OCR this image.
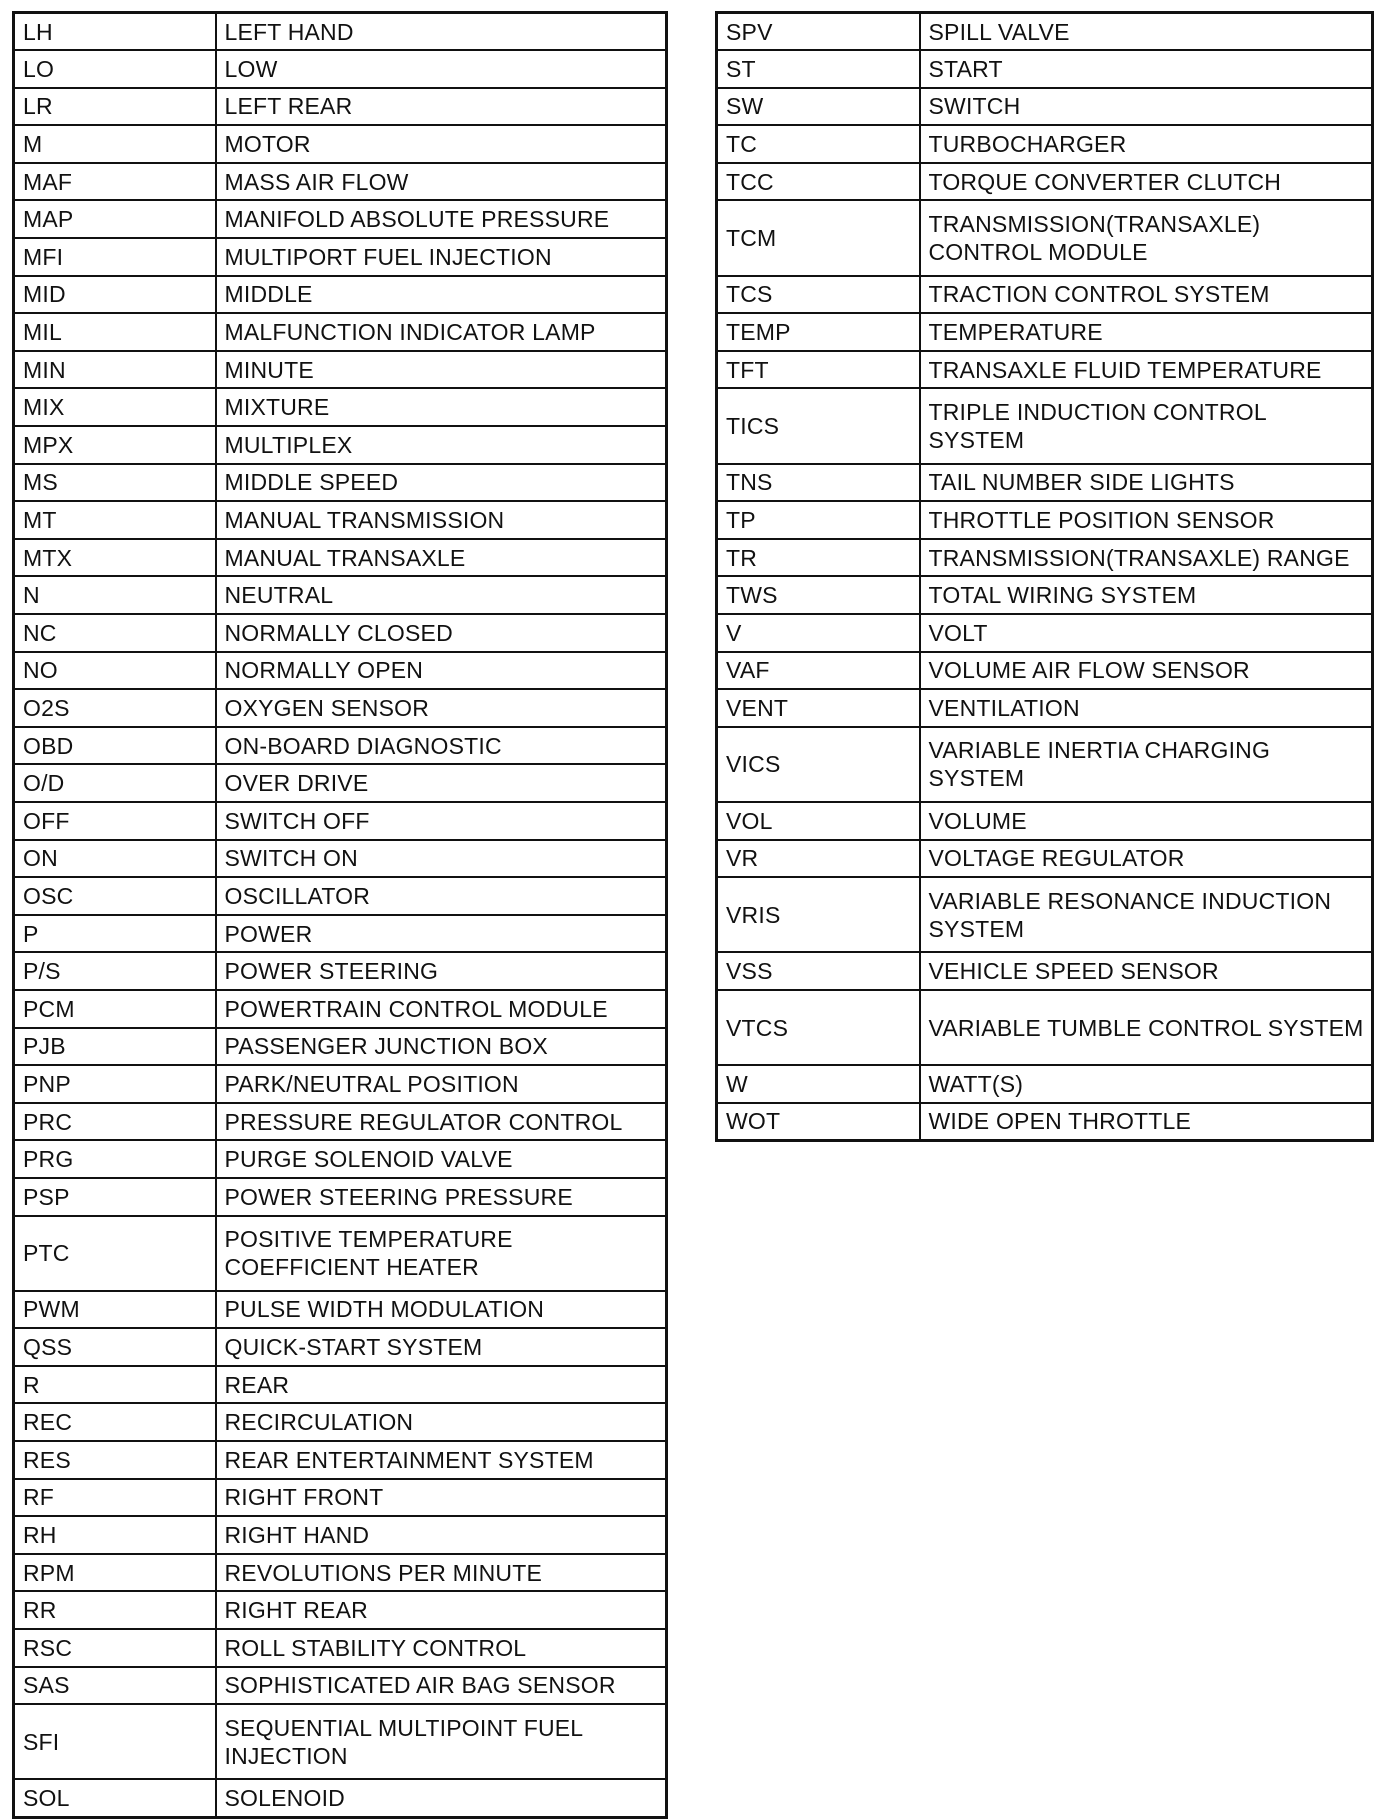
LH	LEFT HAND
LO	LOW
LR	LEFT REAR
M	MOTOR
MAF	MASS AIR FLOW
MAP	MANIFOLD ABSOLUTE PRESSURE
MFI	MULTIPORT FUEL INJECTION
MID	MIDDLE
MIL	MALFUNCTION INDICATOR LAMP
MIN	MINUTE
MIX	MIXTURE
MPX	MULTIPLEX
MS	MIDDLE SPEED
MT	MANUAL TRANSMISSION
MTX	MANUAL TRANSAXLE
N	NEUTRAL
NC	NORMALLY CLOSED
NO	NORMALLY OPEN
O2S	OXYGEN SENSOR
OBD	ON-BOARD DIAGNOSTIC
O/D	OVER DRIVE
OFF	SWITCH OFF
ON	SWITCH ON
OSC	OSCILLATOR
P	POWER
P/S	POWER STEERING
PCM	POWERTRAIN CONTROL MODULE
PJB	PASSENGER JUNCTION BOX
PNP	PARK/NEUTRAL POSITION
PRC	PRESSURE REGULATOR CONTROL
PRG	PURGE SOLENOID VALVE
PSP	POWER STEERING PRESSURE
PTC	POSITIVE TEMPERATURE COEFFICIENT HEATER
PWM	PULSE WIDTH MODULATION
QSS	QUICK-START SYSTEM
R	REAR
REC	RECIRCULATION
RES	REAR ENTERTAINMENT SYSTEM
RF	RIGHT FRONT
RH	RIGHT HAND
RPM	REVOLUTIONS PER MINUTE
RR	RIGHT REAR
RSC	ROLL STABILITY CONTROL
SAS	SOPHISTICATED AIR BAG SENSOR
SFI	SEQUENTIAL MULTIPOINT FUEL INJECTION
SOL	SOLENOID
SPV	SPILL VALVE
ST	START
SW	SWITCH
TC	TURBOCHARGER
TCC	TORQUE CONVERTER CLUTCH
TCM	TRANSMISSION(TRANSAXLE) CONTROL MODULE
TCS	TRACTION CONTROL SYSTEM
TEMP	TEMPERATURE
TFT	TRANSAXLE FLUID TEMPERATURE
TICS	TRIPLE INDUCTION CONTROL SYSTEM
TNS	TAIL NUMBER SIDE LIGHTS
TP	THROTTLE POSITION SENSOR
TR	TRANSMISSION(TRANSAXLE) RANGE
TWS	TOTAL WIRING SYSTEM
V	VOLT
VAF	VOLUME AIR FLOW SENSOR
VENT	VENTILATION
VICS	VARIABLE INERTIA CHARGING SYSTEM
VOL	VOLUME
VR	VOLTAGE REGULATOR
VRIS	VARIABLE RESONANCE INDUCTION SYSTEM
VSS	VEHICLE SPEED SENSOR
VTCS	VARIABLE TUMBLE CONTROL SYSTEM
W	WATT(S)
WOT	WIDE OPEN THROTTLE
